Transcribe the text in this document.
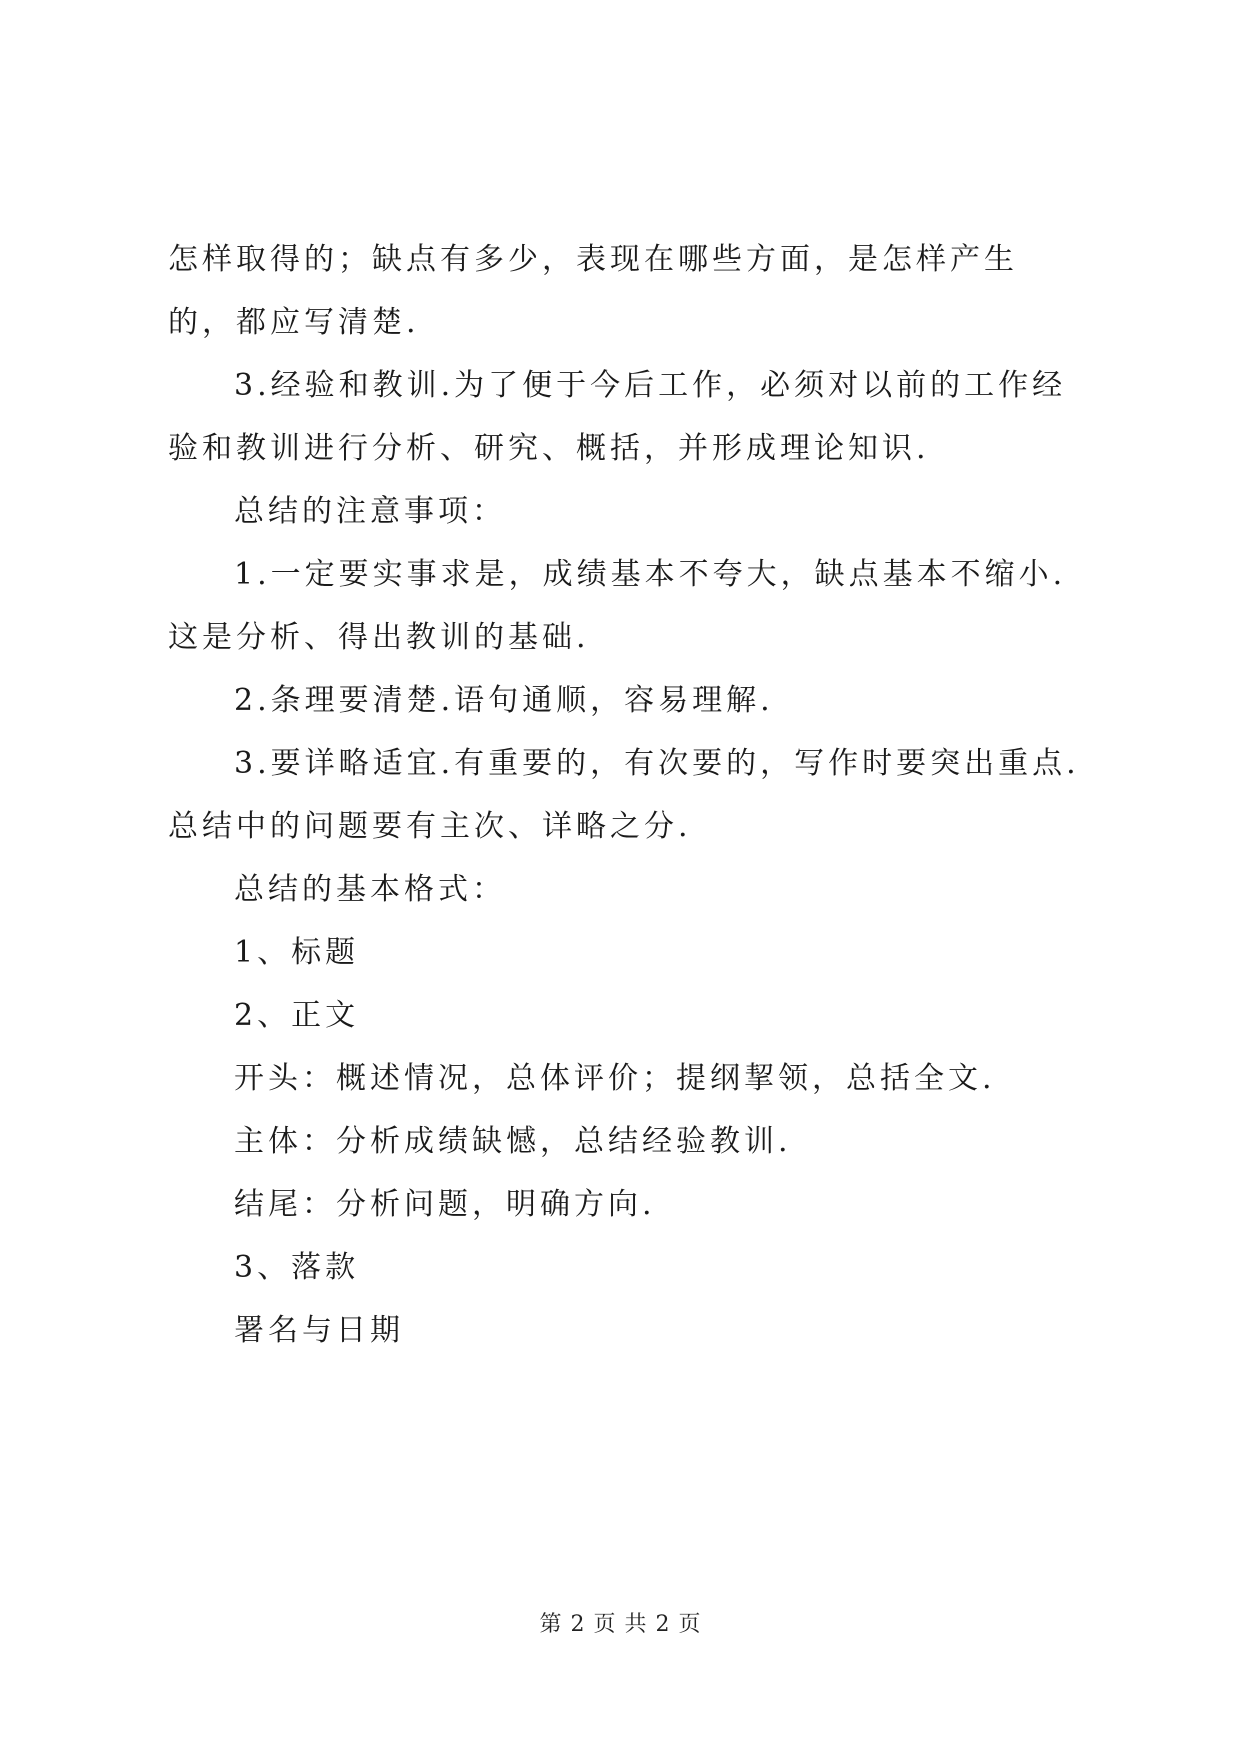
怎样取得的；缺点有多少，表现在哪些方面，是怎样产生的，都应写清楚.

3.经验和教训.为了便于今后工作，必须对以前的工作经验和教训进行分析、研究、概括，并形成理论知识.

总结的注意事项：

1.一定要实事求是，成绩基本不夸大，缺点基本不缩小.这是分析、得出教训的基础.

2.条理要清楚.语句通顺，容易理解.

3.要详略适宜.有重要的，有次要的，写作时要突出重点.总结中的问题要有主次、详略之分.

总结的基本格式：

1、标题

2、正文

开头：概述情况，总体评价；提纲挈领，总括全文.

主体：分析成绩缺憾，总结经验教训.

结尾：分析问题，明确方向.

3、落款

署名与日期

第 2 页 共 2 页
